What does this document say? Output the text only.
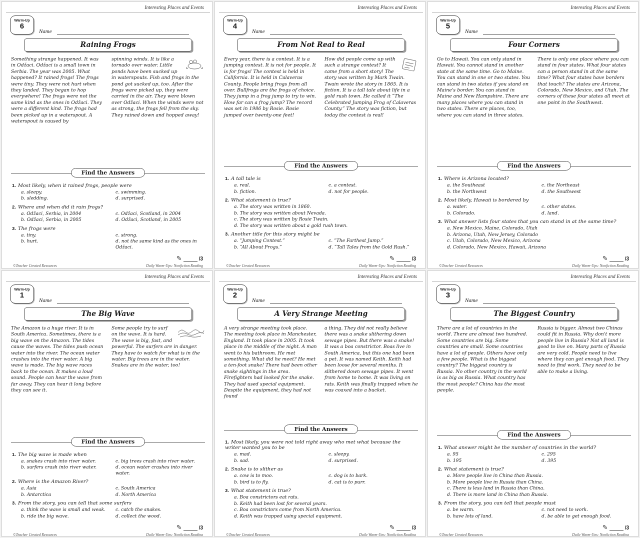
Interesting Places and Events
Warm-Up
6
Name
Raining Frogs
Something strange happened. It was in Odžaci. Odžaci is a small town in Serbia. The year was 2005. What happened? It rained frogs! The frogs were tiny. They were not hurt when they landed. They began to hop everywhere! The frogs were not the same kind as the ones in Odžaci. They were a different kind. The frogs had been picked up in a waterspout. A waterspout is caused by
spinning winds. It is like a tornado over water. Little ponds have been sucked up in waterspouts. Fish and frogs in the pond got sucked up, too. After the frogs were picked up, they were carried in the air. They were blown over Odžaci. When the winds were not as strong, the frogs fell from the sky. They rained down and hopped away!
Find the Answers
1. Most likely, when it rained frogs, people were
a. sleepy.
b. sledding.
c. swimming.
d. surprised.
2. Where and when did it rain frogs?
a. Odžaci, Serbia, in 2004
b. Odžaci, Serbia, in 2005
c. Odžaci, Scotland, in 2004
d. Odžaci, Scotland, in 2005
3. The frogs were
a. tiny.
b. hurt.
c. strong.
d. not the same kind as the ones in Odžaci.
✎ /3
©Teacher Created Resources	Daily Warm-Ups: Nonfiction Reading
Interesting Places and Events
Warm-Up
4
Name
From Not Real to Real
Every year, there is a contest. It is a jumping contest. It is not for people. It is for frogs! The contest is held in California. It is held in Calaveras County. People bring frogs from all over. Bullfrogs are the frogs of choice. They jump in a frog jump to try to win. How far can a frog jump? The record was set in 1986 by Rosie. Rosie jumped over twenty-one feet!
How did people come up with such a strange contest? It came from a short story! The story was written by Mark Twain. Twain wrote the story in 1865. It is fiction. It is a tall tale about life in a gold rush town. He called it “The Celebrated Jumping Frog of Calaveras County.” The story was fiction, but today the contest is real!
Find the Answers
1. A tall tale is
a. real.
b. fiction.
c. a contest.
d. not for people.
2. What statement is true?
a. The story was written in 1860.
b. The story was written about Nevada.
c. The story was written by Rosie Twain.
d. The story was written about a gold rush town.
3. Another title for this story might be
a. “Jumping Contest.”
b. “All About Frogs.”
c. “The Farthest Jump.”
d. “Tall Tales from the Gold Rush.”
✎ /3
©Teacher Created Resources	Daily Warm-Ups: Nonfiction Reading
Interesting Places and Events
Warm-Up
5
Name
Four Corners
Go to Hawaii. You can only stand in Hawaii. You cannot stand in another state at the same time. Go to Maine. You can stand in one or two states. You can stand in two states if you stand on Maine's border. You can stand in Maine and New Hampshire. There are many places where you can stand in two states. There are places, too, where you can stand in three states.
There is only one place where you can stand in four states. What four states can a person stand in at the same time? What four states have borders that touch? The states are Arizona, Colorado, New Mexico, and Utah. The corners of these four states all meet at one point in the Southwest.
Find the Answers
1. Where is Arizona located?
a. the Southeast
b. the Northwest
c. the Northeast
d. the Southwest
2. Most likely, Hawaii is bordered by
a. water.
b. Colorado.
c. other states.
d. land.
3. What answer lists four states that you can stand in at the same time?
a. New Mexico, Maine, Colorado, Utah
b. Arizona, Utah, New Jersey, Colorado
c. Utah, Colorado, New Mexico, Arizona
d. Colorado, New Mexico, Hawaii, Arizona
✎ /3
©Teacher Created Resources	Daily Warm-Ups: Nonfiction Reading
Interesting Places and Events
Warm-Up
1
Name
The Big Wave
The Amazon is a huge river. It is in South America. Sometimes, there is a big wave on the Amazon. The tides cause the waves. The tides push ocean water into the river. The ocean water crashes into the river water. A big wave is made. The big wave races back to the ocean. It makes a loud sound. People can hear the wave from far away. They can hear it long before they can see it.
Some people try to surf on the wave. It is hard. The wave is big, fast, and powerful. The surfers are in danger. They have to watch for what is in the water. Big trees are in the water. Snakes are in the water, too!
Find the Answers
1. The big wave is made when
a. snakes crash into river water.
b. surfers crash into river water.
c. big trees crash into river water.
d. ocean water crashes into river water.
2. Where is the Amazon River?
a. Asia
b. Antarctica
c. South America
d. North America
3. From the story, you can tell that some surfers
a. think the wave is small and weak.
b. ride the big wave.
c. catch the snakes.
d. collect the wood.
✎ /3
©Teacher Created Resources	Daily Warm-Ups: Nonfiction Reading
Interesting Places and Events
Warm-Up
2
Name
A Very Strange Meeting
A very strange meeting took place. The meeting took place in Manchester, England. It took place in 2005. It took place in the middle of the night. A man went to his bathroom. He met something. What did he meet? He met a ten-foot snake! There had been other snake sightings in the area. Firefighters had looked for the snake. They had used special equipment. Despite the equipment, they had not found
a thing. They did not really believe there was a snake slithering down sewage pipes. But there was a snake! It was a boa constrictor. Boas live in South America, but this one had been a pet. It was named Keith. Keith had been loose for several months. It slithered down sewage pipes. It went from home to home. It was living on rats. Keith was finally trapped when he was coaxed into a bucket.
Find the Answers
1. Most likely, you were not told right away who met what because the writer wanted you to be
a. mad.
b. sad.
c. sleepy.
d. surprised.
2. Snake is to slither as
a. cow is to moo.
b. bird is to fly.
c. dog is to bark.
d. cat is to purr.
3. What statement is true?
a. Boa constrictors eat rats.
b. Keith had been lost for several years.
c. Boa constrictors come from North America.
d. Keith was trapped using special equipment.
✎ /3
©Teacher Created Resources	Daily Warm-Ups: Nonfiction Reading
Interesting Places and Events
Warm-Up
3
Name
The Biggest Country
There are a lot of countries in the world. There are almost two hundred. Some countries are big. Some countries are small. Some countries have a lot of people. Others have only a few people. What is the biggest country? The biggest country is Russia. No other country in the world is as big as Russia. What country has the most people? China has the most people.
Russia is bigger. Almost two Chinas could fit in Russia. Why don't more people live in Russia? Not all land is good to live on. Many parts of Russia are very cold. People need to live where they can get enough food. They need to find work. They need to be able to make a living.
Find the Answers
1. What answer might be the number of countries in the world?
a. 95
b. 195
c. 295
d. 395
2. What statement is true?
a. More people live in China than Russia.
b. More people live in Russia than China.
c. There is less land in Russia than China.
d. There is more land in China than Russia.
3. From the story, you can tell that people must
a. be warm.
b. have lots of land.
c. not need to work.
d. be able to get enough food.
✎ /3
©Teacher Created Resources	Daily Warm-Ups: Nonfiction Reading
